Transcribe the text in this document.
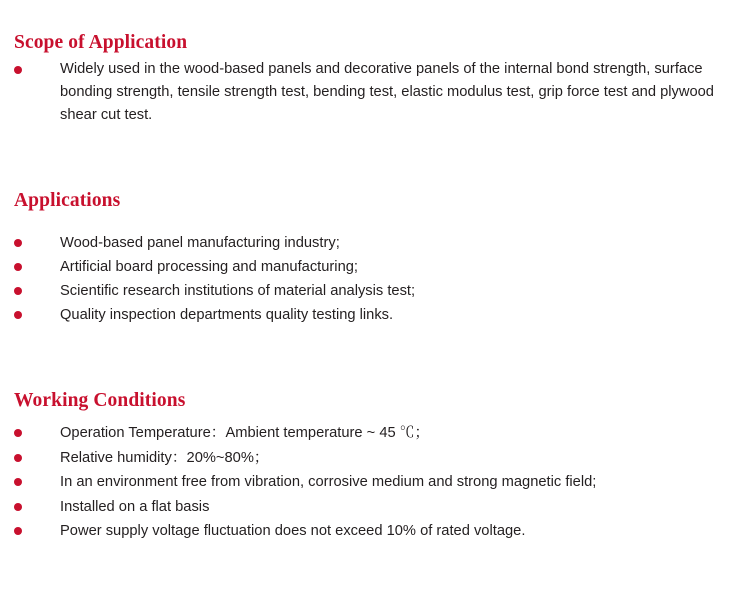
Scope of Application
Widely used in the wood-based panels and decorative panels of the internal bond strength, surface bonding strength, tensile strength test, bending test, elastic modulus test, grip force test and plywood shear cut test.
Applications
Wood-based panel manufacturing industry;
Artificial board processing and manufacturing;
Scientific research institutions of material analysis test;
Quality inspection departments quality testing links.
Working Conditions
Operation Temperature：Ambient temperature ~ 45 ℃；
Relative humidity：20%~80%；
In an environment free from vibration, corrosive medium and strong magnetic field;
Installed on a flat basis
Power supply voltage fluctuation does not exceed 10% of rated voltage.
